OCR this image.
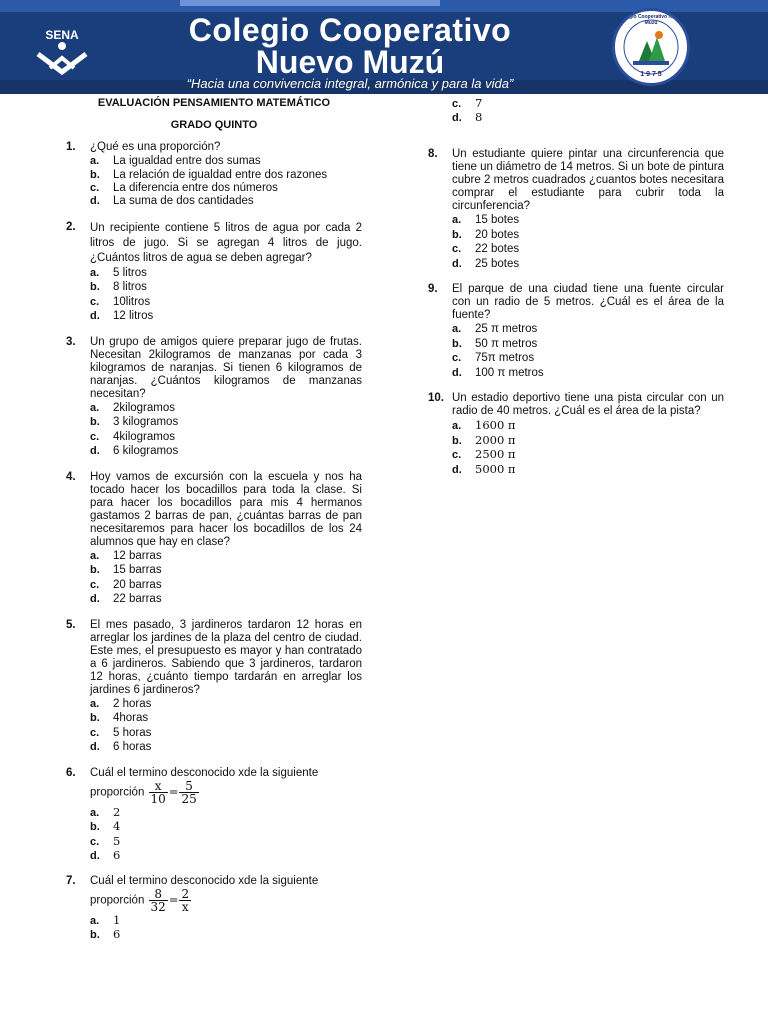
SENA	Colegio Cooperativo
Nuevo Muzú
“Hacia una convivencia integral, armónica y para la vida”
Colegio Cooperativo Nuevo Muzú
1 9 7 5
EVALUACIÓN PENSAMIENTO MATEMÁTICO
GRADO QUINTO
1. ¿Qué es una proporción?
a. La igualdad entre dos sumas
b. La relación de igualdad entre dos razones
c. La diferencia entre dos números
d. La suma de dos cantidades
2. Un recipiente contiene 5 litros de agua por cada 2 litros de jugo. Si se agregan 4 litros de jugo. ¿Cuántos litros de agua se deben agregar?
a. 5 litros
b. 8 litros
c. 10litros
d. 12 litros
3. Un grupo de amigos quiere preparar jugo de frutas. Necesitan 2kilogramos de manzanas por cada 3 kilogramos de naranjas. Si tienen 6 kilogramos de naranjas. ¿Cuántos kilogramos de manzanas necesitan?
a. 2kilogramos
b. 3 kilogramos
c. 4kilogramos
d. 6 kilogramos
4. Hoy vamos de excursión con la escuela y nos ha tocado hacer los bocadillos para toda la clase. Si para hacer los bocadillos para mis 4 hermanos gastamos 2 barras de pan, ¿cuántas barras de pan necesitaremos para hacer los bocadillos de los 24 alumnos que hay en clase?
a. 12 barras
b. 15 barras
c. 20 barras
d. 22 barras
5. El mes pasado, 3 jardineros tardaron 12 horas en arreglar los jardines de la plaza del centro de ciudad. Este mes, el presupuesto es mayor y han contratado a 6 jardineros. Sabiendo que 3 jardineros, tardaron 12 horas, ¿cuánto tiempo tardarán en arreglar los jardines 6 jardineros?
a. 2 horas
b. 4horas
c. 5 horas
d. 6 horas
6. Cuál el termino desconocido xde la siguiente
proporción $\frac{x}{10} = \frac{5}{25}$
a. 2
b. 4
c. 5
d. 6
7. Cuál el termino desconocido xde la siguiente
proporción $\frac{8}{32} = \frac{2}{x}$
a. 1
b. 6
c. 7
d. 8
8. Un estudiante quiere pintar una circunferencia que tiene un diámetro de 14 metros. Si un bote de pintura cubre 2 metros cuadrados ¿cuantos botes necesitara comprar el estudiante para cubrir toda la circunferencia?
a. 15 botes
b. 20 botes
c. 22 botes
d. 25 botes
9. El parque de una ciudad tiene una fuente circular con un radio de 5 metros. ¿Cuál es el área de la fuente?
a. 25 π metros
b. 50 π metros
c. 75π metros
d. 100 π metros
10. Un estadio deportivo tiene una pista circular con un radio de 40 metros. ¿Cuál es el área de la pista?
a. 1600 π
b. 2000 π
c. 2500 π
d. 5000 π
